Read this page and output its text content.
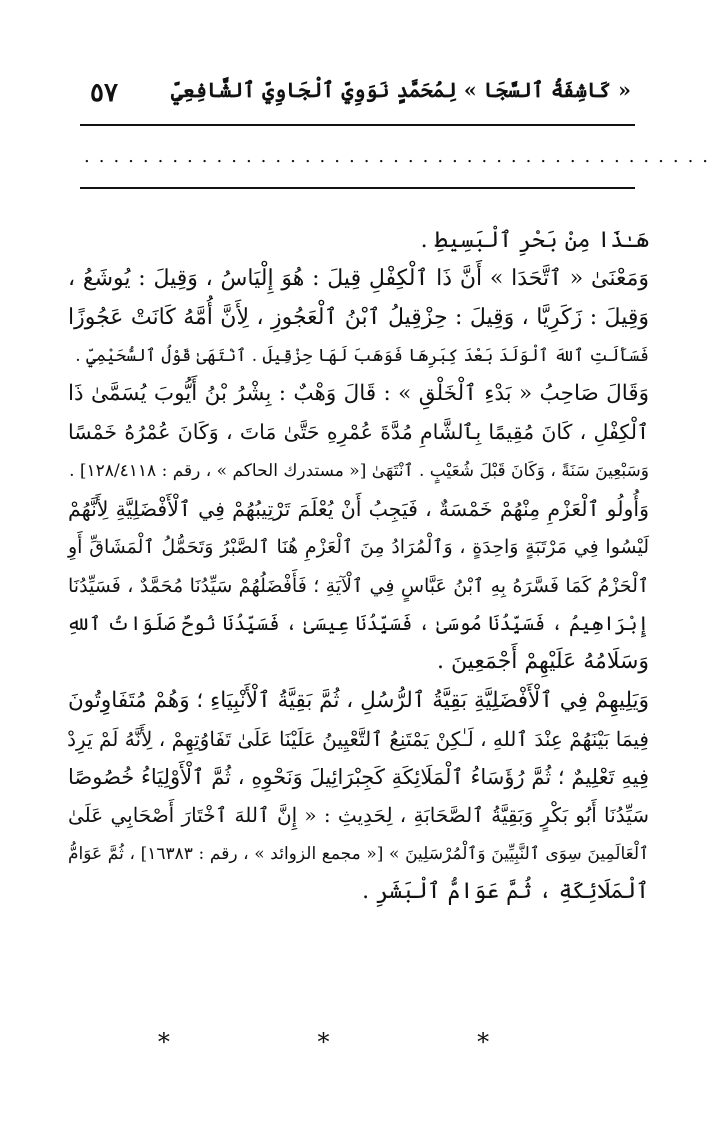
« كَاشِفَةُ ٱلسَّجَا » لِمُحَمَّدٍ نَوَوِيّ ٱلْجَاوِيّ ٱلشَّافِعِيِّ
٥٧
...........................................
هَـٰذَا مِنْ بَحْرِ ٱلْبَسِيطِ .
وَمَعْنَىٰ « ٱتَّحَدَا » أَنَّ ذَا ٱلْكِفْلِ قِيلَ : هُوَ إِلْيَاسُ ، وَقِيلَ : يُوشَعُ ،
وَقِيلَ : زَكَرِيَّا ، وَقِيلَ : حِزْقِيلُ ٱبْنُ ٱلْعَجُوزِ ، لِأَنَّ أُمَّهُ كَانَتْ عَجُوزًا
فَسَأَلَتِ ٱللهَ ٱلْوَلَدَ بَعْدَ كِبَرِهَا فَوَهَبَ لَهَا حِزْقِيلَ . ٱنْتَهَىٰ قَوْلُ ٱلسُّحَيْمِيِّ .
وَقَالَ صَاحِبُ « بَدْءِ ٱلْخَلْقِ » : قَالَ وَهْبٌ : بِشْرُ بْنُ أَيُّوبَ يُسَمَّىٰ ذَا
ٱلْكِفْلِ ، كَانَ مُقِيمًا بِٱلشَّامِ مُدَّةَ عُمْرِهِ حَتَّىٰ مَاتَ ، وَكَانَ عُمْرُهُ خَمْسًا
وَسَبْعِينَ سَنَةً ، وَكَانَ قَبْلَ شُعَيْبٍ . ٱنْتَهَىٰ [« مستدرك الحاكم » ، رقم : ١٢٨/٤١١٨] .
وَأُولُو ٱلْعَزْمِ مِنْهُمْ خَمْسَةٌ ، فَيَجِبُ أَنْ يُعْلَمَ تَرْتِيبُهُمْ فِي ٱلْأَفْضَلِيَّةِ لِأَنَّهُمْ
لَيْسُوا فِي مَرْتَبَةٍ وَاحِدَةٍ ، وَٱلْمُرَادُ مِنَ ٱلْعَزْمِ هُنَا ٱلصَّبْرُ وَتَحَمُّلُ ٱلْمَشَاقِّ أَوِ
ٱلْحَزْمُ كَمَا فَسَّرَهُ بِهِ ٱبْنُ عَبَّاسٍ فِي ٱلْآيَةِ ؛ فَأَفْضَلُهُمْ سَيِّدُنَا مُحَمَّدٌ ، فَسَيِّدُنَا
إِبْرَاهِيمُ ، فَسَيِّدُنَا مُوسَىٰ ، فَسَيِّدُنَا عِيسَىٰ ، فَسَيِّدُنَا نُوحٌ صَلَوَاتُ ٱللهِ
وَسَلَامُهُ عَلَيْهِمْ أَجْمَعِينَ .
وَيَلِيهِمْ فِي ٱلْأَفْضَلِيَّةِ بَقِيَّةُ ٱلرُّسُلِ ، ثُمَّ بَقِيَّةُ ٱلْأَنْبِيَاءِ ؛ وَهُمْ مُتَفَاوِتُونَ
فِيمَا بَيْنَهُمْ عِنْدَ ٱللهِ ، لَـٰكِنْ يَمْتَنِعُ ٱلتَّعْيِينُ عَلَيْنَا عَلَىٰ تَفَاوُتِهِمْ ، لِأَنَّهُ لَمْ يَرِدْ
فِيهِ تَعْلِيمٌ ؛ ثُمَّ رُؤَسَاءُ ٱلْمَلَائِكَةِ كَجِبْرَائِيلَ وَنَحْوِهِ ، ثُمَّ ٱلْأَوْلِيَاءُ خُصُوصًا
سَيِّدُنَا أَبُو بَكْرٍ وَبَقِيَّةُ ٱلصَّحَابَةِ ، لِحَدِيثِ : « إِنَّ ٱللهَ ٱخْتَارَ أَصْحَابِي عَلَىٰ
ٱلْعَالَمِينَ سِوَى ٱلنَّبِيِّينَ وَٱلْمُرْسَلِينَ » [« مجمع الزوائد » ، رقم : ١٦٣٨٣] ، ثُمَّ عَوَامُّ
ٱلْمَلَائِكَةِ ، ثُمَّ عَوَامُّ ٱلْبَشَرِ .
* * *
